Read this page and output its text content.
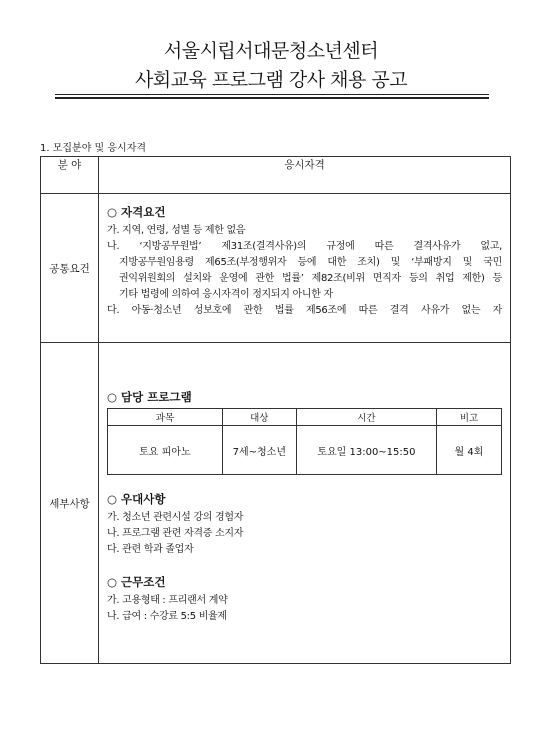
서울시립서대문청소년센터
사회교육 프로그램 강사 채용 공고
1. 모집분야 및 응시자격
분 야	응시자격
공통요건	
○ 자격요건
가. 지역, 연령, 성별 등 제한 없음
나. ‘지방공무원법’ 제31조(결격사유)의 규정에 따른 결격사유가 없고,
지방공무원임용령 제65조(부정행위자 등에 대한 조치) 및 ‘부패방지 및 국민
권익위원회의 설치와 운영에 관한 법률’ 제82조(비위 면직자 등의 취업 제한) 등
기타 법령에 의하여 응시자격이 정지되지 아니한 자
다. 아동·청소년 성보호에 관한 법률 제56조에 따른 결격 사유가 없는 자

세부사항	
○ 담당 프로그램
과목	대상	시간	비고
토요 피아노	7세~청소년	토요일 13:00~15:50	월 4회
○ 우대사항
가. 청소년 관련시설 강의 경험자
나. 프로그램 관련 자격증 소지자
다. 관련 학과 졸업자
○ 근무조건
가. 고용형태 : 프리랜서 계약
나. 급여 : 수강료 5:5 비율제
